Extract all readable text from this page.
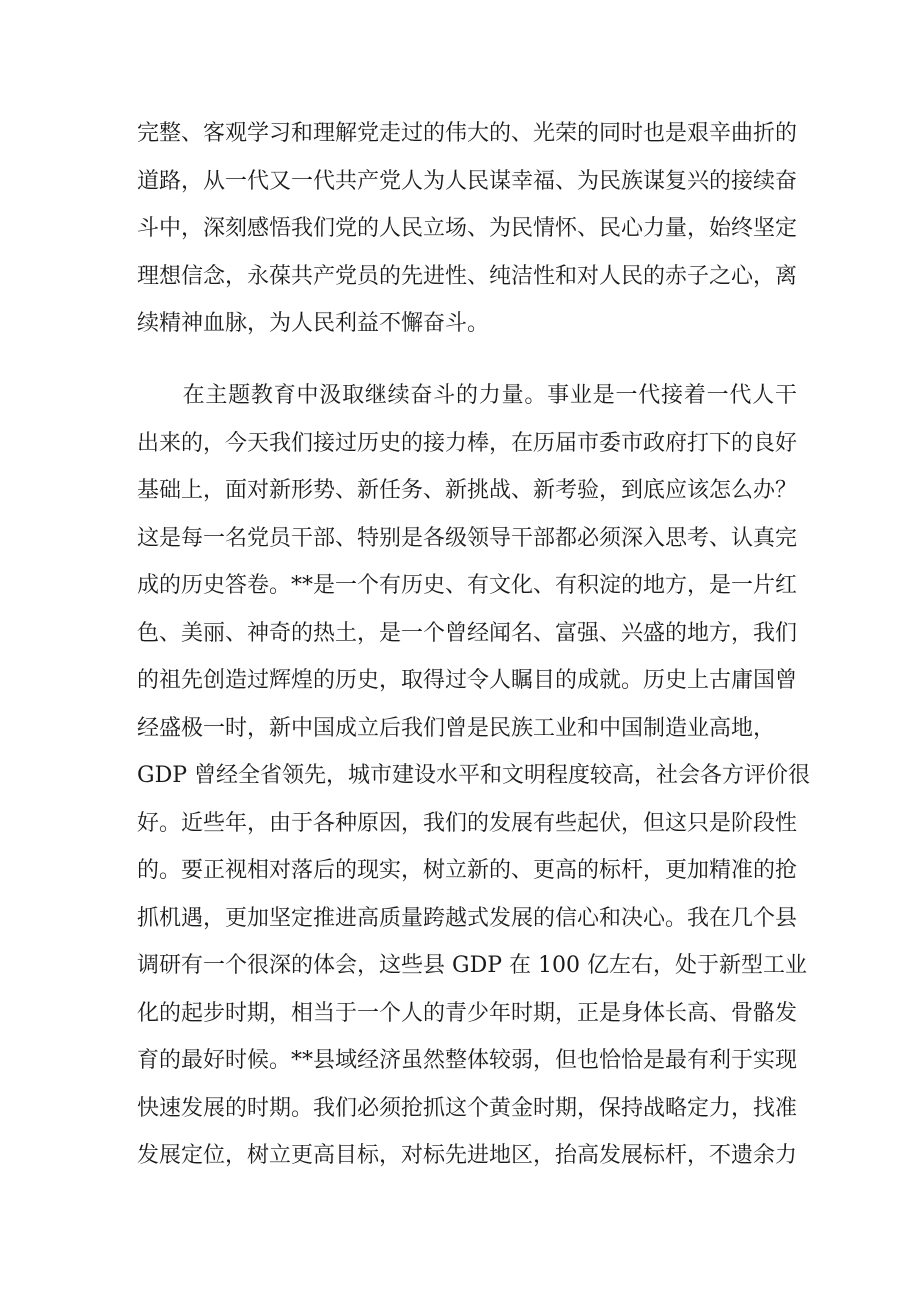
完整、客观学习和理解党走过的伟大的、光荣的同时也是艰辛曲折的
道路，从一代又一代共产党人为人民谋幸福、为民族谋复兴的接续奋
斗中，深刻感悟我们党的人民立场、为民情怀、民心力量，始终坚定
理想信念，永葆共产党员的先进性、纯洁性和对人民的赤子之心，离
续精神血脉，为人民利益不懈奋斗。
　　在主题教育中汲取继续奋斗的力量。事业是一代接着一代人干
出来的，今天我们接过历史的接力棒，在历届市委市政府打下的良好
基础上，面对新形势、新任务、新挑战、新考验，到底应该怎么办？
这是每一名党员干部、特别是各级领导干部都必须深入思考、认真完
成的历史答卷。**是一个有历史、有文化、有积淀的地方，是一片红
色、美丽、神奇的热土，是一个曾经闻名、富强、兴盛的地方，我们
的祖先创造过辉煌的历史，取得过令人瞩目的成就。历史上古庸国曾
经盛极一时，新中国成立后我们曾是民族工业和中国制造业高地，
GDP 曾经全省领先，城市建设水平和文明程度较高，社会各方评价很
好。近些年，由于各种原因，我们的发展有些起伏，但这只是阶段性
的。要正视相对落后的现实，树立新的、更高的标杆，更加精准的抢
抓机遇，更加坚定推进高质量跨越式发展的信心和决心。我在几个县
调研有一个很深的体会，这些县 GDP 在 100 亿左右，处于新型工业
化的起步时期，相当于一个人的青少年时期，正是身体长高、骨骼发
育的最好时候。**县域经济虽然整体较弱，但也恰恰是最有利于实现
快速发展的时期。我们必须抢抓这个黄金时期，保持战略定力，找准
发展定位，树立更高目标，对标先进地区，抬高发展标杆，不遗余力
